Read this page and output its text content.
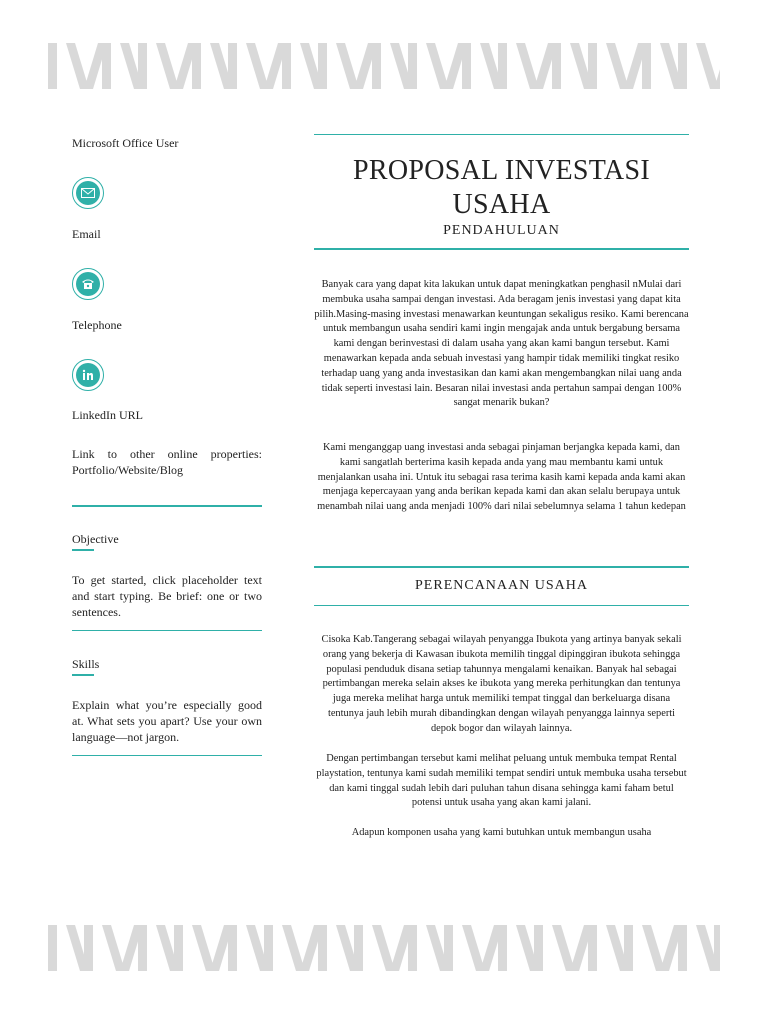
Microsoft Office User
Email
Telephone
LinkedIn URL
Link to other online properties: Portfolio/Website/Blog
Objective
To get started, click placeholder text and start typing. Be brief: one or two sentences.
Skills
Explain what you’re especially good at. What sets you apart? Use your own language—not jargon.
PROPOSAL INVESTASI USAHA
PENDAHULUAN
Banyak cara yang dapat kita lakukan untuk dapat meningkatkan penghasil nMulai dari membuka usaha sampai dengan investasi. Ada beragam jenis investasi yang dapat kita pilih.Masing-masing investasi menawarkan keuntungan sekaligus resiko. Kami berencana untuk membangun usaha sendiri kami ingin mengajak anda untuk bergabung bersama kami dengan berinvestasi di dalam usaha yang akan kami bangun tersebut. Kami menawarkan kepada anda sebuah investasi yang hampir tidak memiliki tingkat resiko terhadap uang yang anda investasikan dan kami akan mengembangkan nilai uang anda tidak seperti investasi lain. Besaran nilai investasi anda pertahun sampai dengan 100% sangat menarik bukan?
Kami menganggap uang investasi anda sebagai pinjaman berjangka kepada kami, dan kami sangatlah berterima kasih kepada anda yang mau membantu kami untuk menjalankan usaha ini. Untuk itu sebagai rasa terima kasih kami kepada anda kami akan menjaga kepercayaan yang anda berikan kepada kami dan akan selalu berupaya untuk menambah nilai uang anda menjadi 100% dari nilai sebelumnya selama 1 tahun kedepan
PERENCANAAN USAHA
Cisoka Kab.Tangerang sebagai wilayah penyangga Ibukota yang artinya banyak sekali orang yang bekerja di Kawasan ibukota memilih tinggal dipinggiran ibukota sehingga populasi penduduk disana setiap tahunnya mengalami kenaikan. Banyak hal sebagai pertimbangan mereka selain akses ke ibukota yang mereka perhitungkan dan tentunya juga mereka melihat harga untuk memiliki tempat tinggal dan berkeluarga disana tentunya jauh lebih murah dibandingkan dengan wilayah penyangga lainnya seperti depok bogor dan wilayah lainnya.
Dengan pertimbangan tersebut kami melihat peluang untuk membuka tempat Rental playstation, tentunya kami sudah memiliki tempat sendiri untuk membuka usaha tersebut dan kami tinggal sudah lebih dari puluhan tahun disana sehingga kami faham betul potensi untuk usaha yang akan kami jalani.
Adapun komponen usaha yang kami butuhkan untuk membangun usaha
